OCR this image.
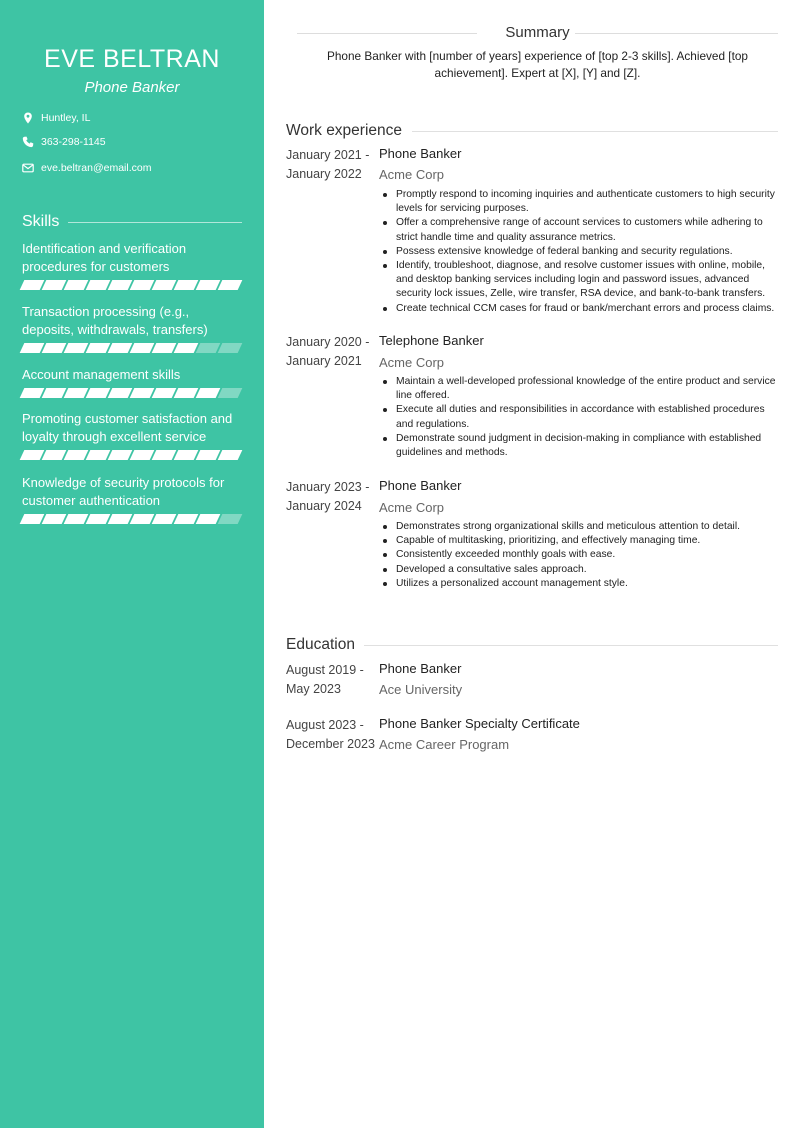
EVE BELTRAN
Phone Banker
Huntley, IL
363-298-1145
eve.beltran@email.com
Skills
Identification and verification procedures for customers
Transaction processing (e.g., deposits, withdrawals, transfers)
Account management skills
Promoting customer satisfaction and loyalty through excellent service
Knowledge of security protocols for customer authentication
Summary
Phone Banker with [number of years] experience of [top 2-3 skills]. Achieved [top achievement]. Expert at [X], [Y] and [Z].
Work experience
January 2021 -
January 2022
Phone Banker
Acme Corp
Promptly respond to incoming inquiries and authenticate customers to high security levels for servicing purposes.
Offer a comprehensive range of account services to customers while adhering to strict handle time and quality assurance metrics.
Possess extensive knowledge of federal banking and security regulations.
Identify, troubleshoot, diagnose, and resolve customer issues with online, mobile, and desktop banking services including login and password issues, advanced security lock issues, Zelle, wire transfer, RSA device, and bank-to-bank transfers.
Create technical CCM cases for fraud or bank/merchant errors and process claims.
January 2020 -
January 2021
Telephone Banker
Acme Corp
Maintain a well-developed professional knowledge of the entire product and service line offered.
Execute all duties and responsibilities in accordance with established procedures and regulations.
Demonstrate sound judgment in decision-making in compliance with established guidelines and methods.
January 2023 -
January 2024
Phone Banker
Acme Corp
Demonstrates strong organizational skills and meticulous attention to detail.
Capable of multitasking, prioritizing, and effectively managing time.
Consistently exceeded monthly goals with ease.
Developed a consultative sales approach.
Utilizes a personalized account management style.
Education
August 2019 -
May 2023
Phone Banker
Ace University
August 2023 -
December 2023
Phone Banker Specialty Certificate
Acme Career Program
